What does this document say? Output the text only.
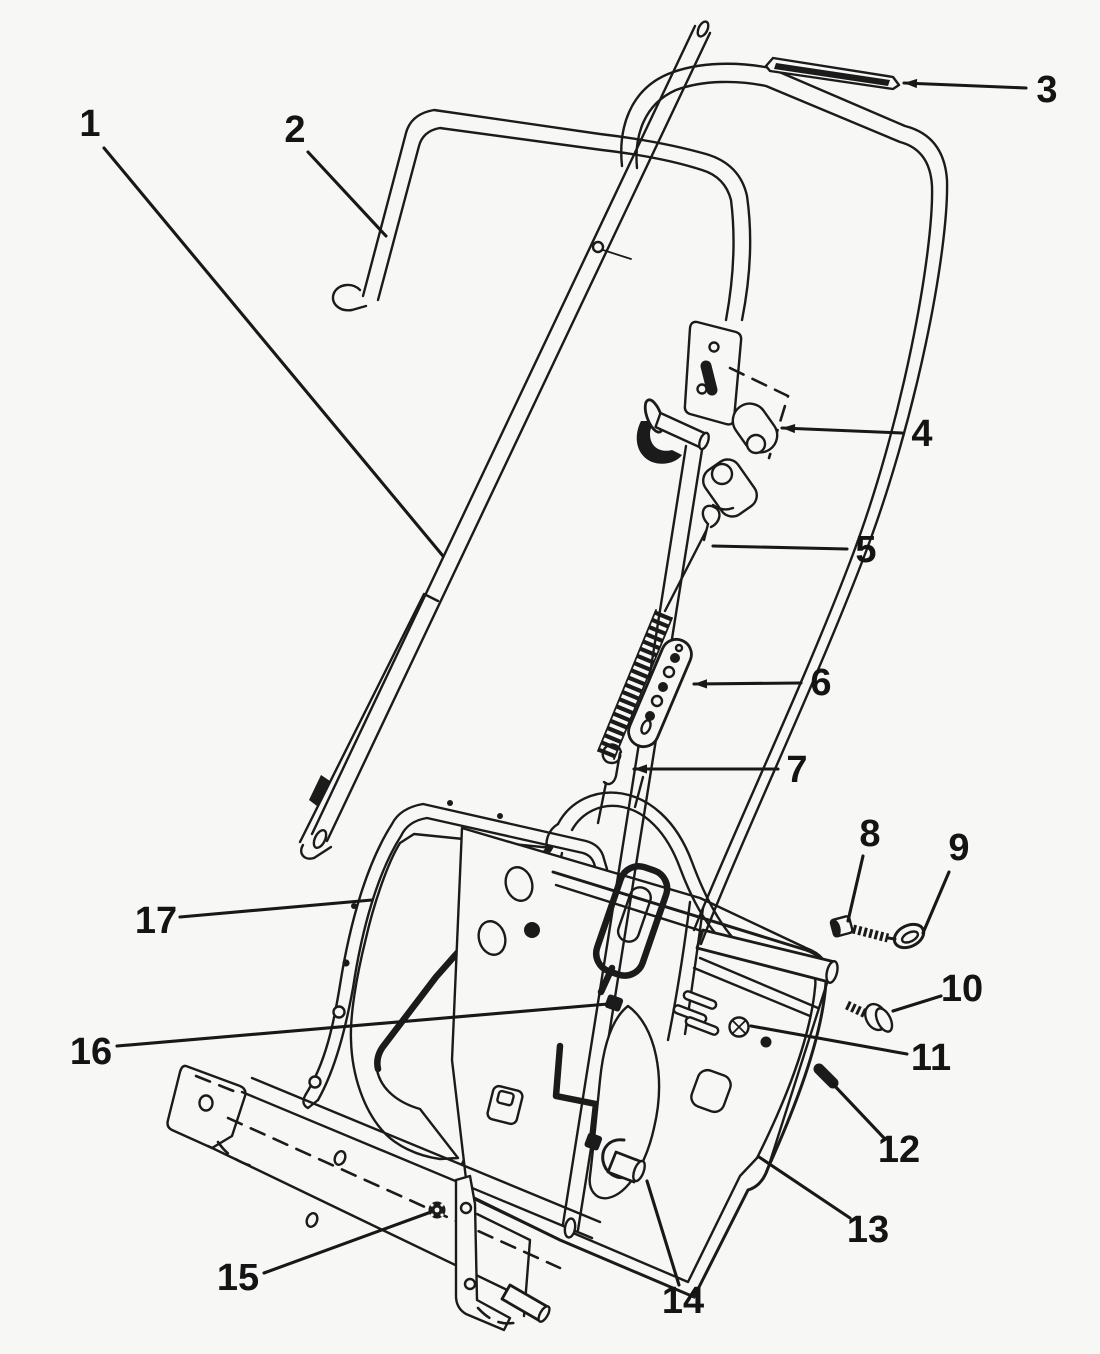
1	2
3
4
5
6
7
8 9
10
11
12
13
14
15
16
17
